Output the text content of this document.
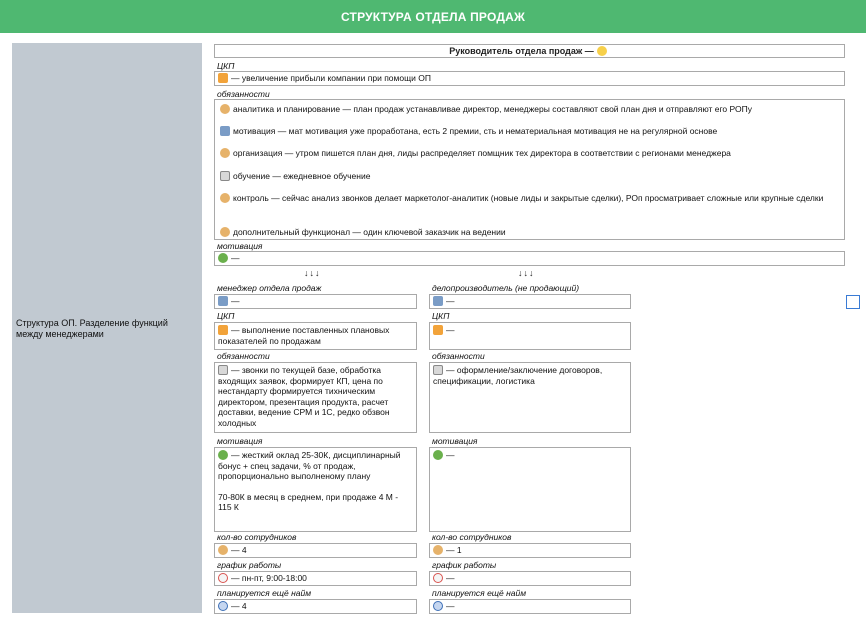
СТРУКТУРА ОТДЕЛА ПРОДАЖ
Структура ОП. Разделение функций между менеджерами
Руководитель отдела продаж —
ЦКП
— увеличение прибыли компании при помощи ОП
обязанности
аналитика и планирование — план продаж устанавливае директор, менеджеры составляют свой план дня и отправляют его РОПу
мотивация — мат мотивация уже проработана, есть 2 премии, сть и нематериальная мотивация не на регулярной основе
организация — утром пишется план дня, лиды распределяет помщник тех директора в соответствии с регионами менеджера
обучение — ежедневное обучение
контроль — сейчас анализ звонков делает маркетолог-аналитик (новые лиды и закрытые сделки), РОп просматривает сложные или крупные сделки
дополнительный функционал — один ключевой заказчик на ведении
мотивация
—
↓↓↓	↓↓↓
менеджер отдела продаж
—
ЦКП
— выполнение поставленных плановых показателей по продажам
обязанности
— звонки по текущей базе, обработка входящих заявок, формирует КП, цена по нестандарту формируется тихническим директором, презентация продукта, расчет доставки, ведение CPM и 1С, редко обзвон холодных
мотивация
— жесткий оклад 25-30К, дисциплинарный бонус + спец задачи, % от продаж, пропорционально выполненому плану
70-80К в месяц в среднем, при продаже 4 М - 115 К
кол-во сотрудников
— 4
график работы
— пн-пт, 9:00-18:00
планируется ещё найм
— 4
делопроизводитель (не продающий)
—
ЦКП
—
обязанности
— оформление/заключение договоров, спецификации, логистика
мотивация
—
кол-во сотрудников
— 1
график работы
—
планируется ещё найм
—
